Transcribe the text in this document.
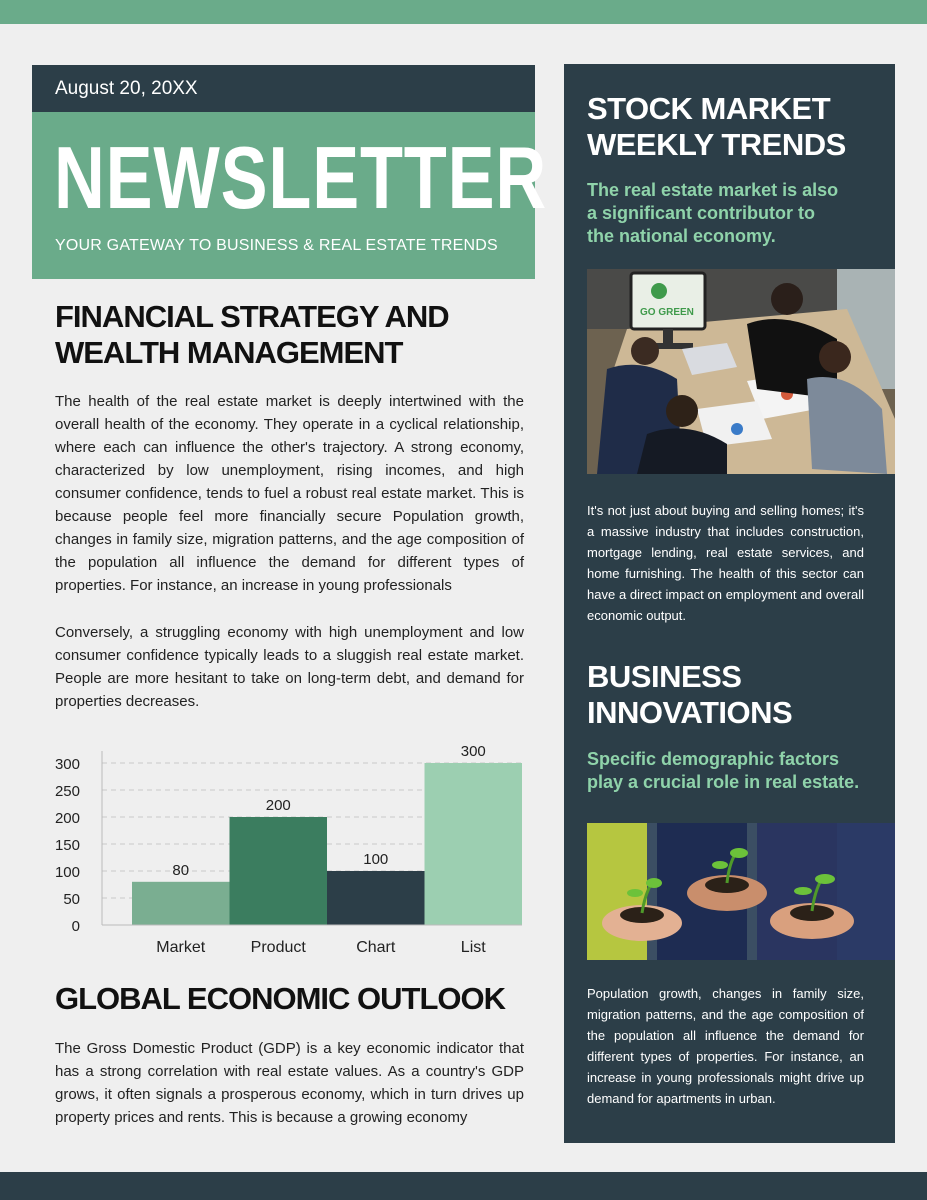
August 20, 20XX
NEWSLETTER
YOUR GATEWAY TO BUSINESS & REAL ESTATE TRENDS
FINANCIAL STRATEGY AND
WEALTH MANAGEMENT
The health of the real estate market is deeply intertwined with the overall health of the economy. They operate in a cyclical relationship, where each can influence the other's trajectory. A strong economy, characterized by low unemployment, rising incomes, and high consumer confidence, tends to fuel a robust real estate market. This is because people feel more financially secure Population growth, changes in family size, migration patterns, and the age composition of the population all influence the demand for different types of properties. For instance, an increase in young professionals
Conversely, a struggling economy with high unemployment and low consumer confidence typically leads to a sluggish real estate market. People are more hesitant to take on long-term debt, and demand for properties decreases.
0
50
100
150
200
250
300
80
200
100
300
Market	Product	Chart	List
GLOBAL ECONOMIC OUTLOOK
The Gross Domestic Product (GDP) is a key economic indicator that has a strong correlation with real estate values. As a country's GDP grows, it often signals a prosperous economy, which in turn drives up property prices and rents. This is because a growing economy
STOCK MARKET
WEEKLY TRENDS
The real estate market is also a significant contributor to the national economy.
GO GREEN
It's not just about buying and selling homes; it's a massive industry that includes construction, mortgage lending, real estate services, and home furnishing. The health of this sector can have a direct impact on employment and overall economic output.
BUSINESS
INNOVATIONS
Specific demographic factors play a crucial role in real estate.
Population growth, changes in family size, migration patterns, and the age composition of the population all influence the demand for different types of properties. For instance, an increase in young professionals might drive up demand for apartments in urban.
